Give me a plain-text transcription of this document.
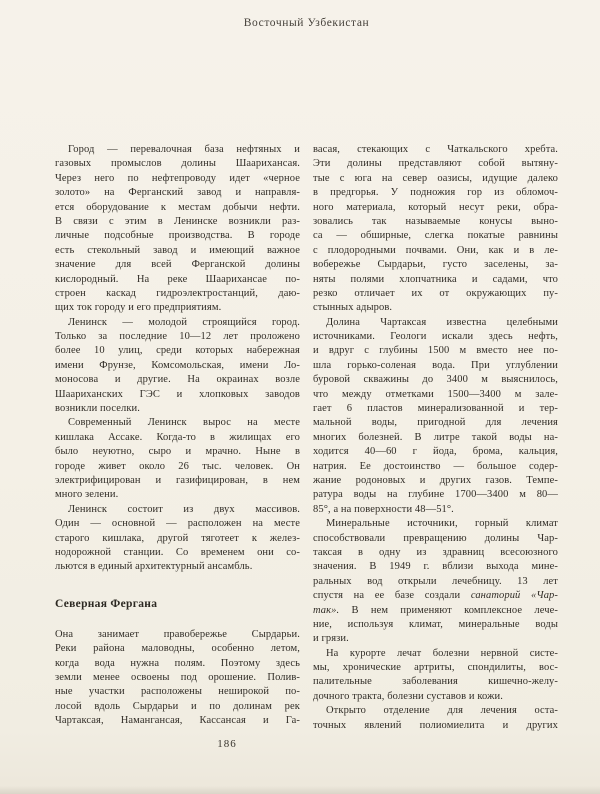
Восточный Узбекистан
Город — перевалочная база нефтяных и
газовых промыслов долины Шаарихансая.
Через него по нефтепроводу идет «черное
золото» на Ферганский завод и направля-
ется оборудование к местам добычи нефти.
В связи с этим в Ленинске возникли раз-
личные подсобные производства. В городе
есть стекольный завод и имеющий важное
значение для всей Ферганской долины
кислородный. На реке Шаарихансае по-
строен каскад гидроэлектростанций, даю-
щих ток городу и его предприятиям.
Ленинск — молодой строящийся город.
Только за последние 10—12 лет проложено
более 10 улиц, среди которых набережная
имени Фрунзе, Комсомольская, имени Ло-
моносова и другие. На окраинах возле
Шаариханских ГЭС и хлопковых заводов
возникли поселки.
Современный Ленинск вырос на месте
кишлака Ассаке. Когда-то в жилищах его
было неуютно, сыро и мрачно. Ныне в
городе живет около 26 тыс. человек. Он
электрифицирован и газифицирован, в нем
много зелени.
Ленинск состоит из двух массивов.
Один — основной — расположен на месте
старого кишлака, другой тяготеет к желез-
нодорожной станции. Со временем они со-
льются в единый архитектурный ансамбль.
Северная Фергана
Она занимает правобережье Сырдарьи.
Реки района маловодны, особенно летом,
когда вода нужна полям. Поэтому здесь
земли менее освоены под орошение. Полив-
ные участки расположены неширокой по-
лосой вдоль Сырдарьи и по долинам рек
Чартаксая, Намангансая, Кассансая и Га-
васая, стекающих с Чаткальского хребта.
Эти долины представляют собой вытяну-
тые с юга на север оазисы, идущие далеко
в предгорья. У подножия гор из обломоч-
ного материала, который несут реки, обра-
зовались так называемые конусы выно-
са — обширные, слегка покатые равнины
с плодородными почвами. Они, как и в ле-
вобережье Сырдарьи, густо заселены, за-
няты полями хлопчатника и садами, что
резко отличает их от окружающих пу-
стынных адыров.
Долина Чартаксая известна целебными
источниками. Геологи искали здесь нефть,
и вдруг с глубины 1500 м вместо нее по-
шла горько-соленая вода. При углублении
буровой скважины до 3400 м выяснилось,
что между отметками 1500—3400 м зале-
гает 6 пластов минерализованной и тер-
мальной воды, пригодной для лечения
многих болезней. В литре такой воды на-
ходится 40—60 г йода, брома, кальция,
натрия. Ее достоинство — большое содер-
жание родоновых и других газов. Темпе-
ратура воды на глубине 1700—3400 м 80—
85°, а на поверхности 48—51°.
Минеральные источники, горный климат
способствовали превращению долины Чар-
таксая в одну из здравниц всесоюзного
значения. В 1949 г. вблизи выхода мине-
ральных вод открыли лечебницу. 13 лет
спустя на ее базе создали санаторий «Чар-
так». В нем применяют комплексное лече-
ние, используя климат, минеральные воды
и грязи.
На курорте лечат болезни нервной систе-
мы, хронические артриты, спондилиты, вос-
палительные заболевания кишечно-желу-
дочного тракта, болезни суставов и кожи.
Открыто отделение для лечения оста-
точных явлений полиомиелита и других
186
